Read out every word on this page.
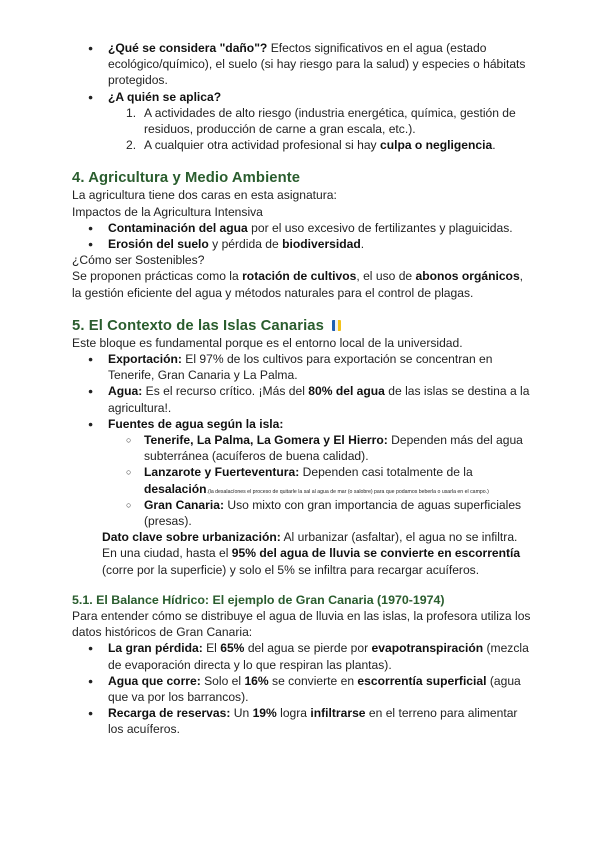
● ¿Qué se considera "daño"? Efectos significativos en el agua (estado ecológico/químico), el suelo (si hay riesgo para la salud) y especies o hábitats protegidos.
● ¿A quién se aplica?
1. A actividades de alto riesgo (industria energética, química, gestión de residuos, producción de carne a gran escala, etc.).
2. A cualquier otra actividad profesional si hay culpa o negligencia.
4. Agricultura y Medio Ambiente

La agricultura tiene dos caras en esta asignatura:

Impactos de la Agricultura Intensiva

● Contaminación del agua por el uso excesivo de fertilizantes y plaguicidas.
● Erosión del suelo y pérdida de biodiversidad.

¿Cómo ser Sostenibles?

Se proponen prácticas como la rotación de cultivos, el uso de abonos orgánicos, la gestión eficiente del agua y métodos naturales para el control de plagas.

5. El Contexto de las Islas Canarias

Este bloque es fundamental porque es el entorno local de la universidad.

● Exportación: El 97% de los cultivos para exportación se concentran en Tenerife, Gran Canaria y La Palma.
● Agua: Es el recurso crítico. ¡Más del 80% del agua de las islas se destina a la agricultura!.
● Fuentes de agua según la isla:
○ Tenerife, La Palma, La Gomera y El Hierro: Dependen más del agua subterránea (acuíferos de buena calidad).
○ Lanzarote y Fuerteventura: Dependen casi totalmente de la desalación.(la desalacíones el proceso de quitarle la sal al agua de mar (o salobre) para que podamos beberla o usarla en el campo.)
○ Gran Canaria: Uso mixto con gran importancia de aguas superficiales (presas).

Dato clave sobre urbanización: Al urbanizar (asfaltar), el agua no se infiltra. En una ciudad, hasta el 95% del agua de lluvia se convierte en escorrentía (corre por la superficie) y solo el 5% se infiltra para recargar acuíferos.

5.1. El Balance Hídrico: El ejemplo de Gran Canaria (1970-1974)

Para entender cómo se distribuye el agua de lluvia en las islas, la profesora utiliza los datos históricos de Gran Canaria:

● La gran pérdida: El 65% del agua se pierde por evapotranspiración (mezcla de evaporación directa y lo que respiran las plantas).
● Agua que corre: Solo el 16% se convierte en escorrentía superficial (agua que va por los barrancos).
● Recarga de reservas: Un 19% logra infiltrarse en el terreno para alimentar los acuíferos.
